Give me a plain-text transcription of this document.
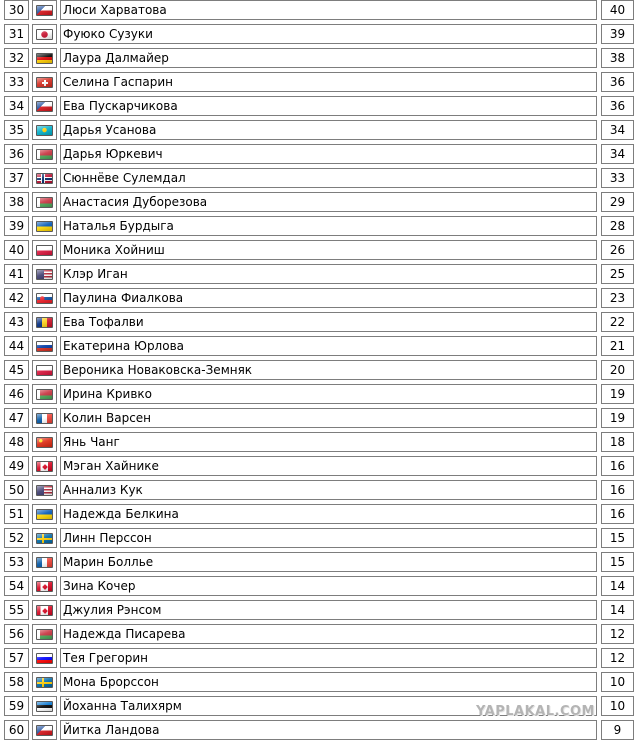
30	Люси Харватова	40
31	Фуюко Сузуки	39
32	Лаура Далмайер	38
33	Селина Гаспарин	36
34	Ева Пускарчикова	36
35	Дарья Усанова	34
36	Дарья Юркевич	34
37	Сюннёве Сулемдал	33
38	Анастасия Дуборезова	29
39	Наталья Бурдыга	28
40	Моника Хойниш	26
41	Клэр Иган	25
42	Паулина Фиалкова	23
43	Ева Тофалви	22
44	Екатерина Юрлова	21
45	Вероника Новаковска-Земняк	20
46	Ирина Кривко	19
47	Колин Варсен	19
48	Янь Чанг	18
49	Мэган Хайнике	16
50	Аннализ Кук	16
51	Надежда Белкина	16
52	Линн Перссон	15
53	Марин Болльe	15
54	Зина Кочер	14
55	Джулия Рэнсом	14
56	Надежда Писарева	12
57	Тея Грегорин	12
58	Мона Брорссон	10
59	Йоханна Талихярм	10
60	Йитка Ландова	9
YAPLAKAL.COM
